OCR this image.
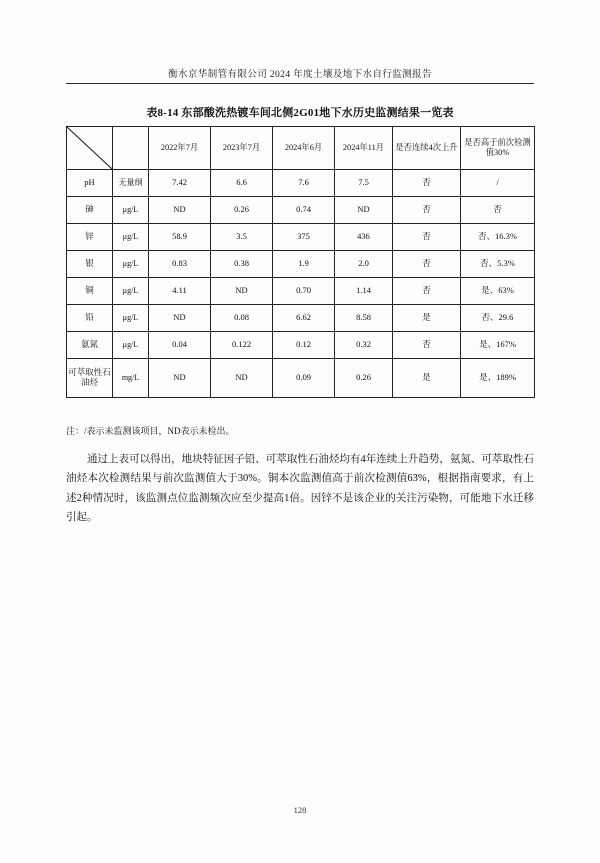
衡水京华制管有限公司 2024 年度土壤及地下水自行监测报告
表8-14 东部酸洗热镀车间北侧2G01地下水历史监测结果一览表
		2022年7月	2023年7月	2024年6月	2024年11月	是否连续4次上升	是否高于前次检测值30%
pH	无量纲	7.42	6.6	7.6	7.5	否	/
砷	μg/L	ND	0.26	0.74	ND	否	否
锌	μg/L	58.9	3.5	375	436	否	否、16.3%
银	μg/L	0.83	0.38	1.9	2.0	否	否、5.3%
铜	μg/L	4.11	ND	0.70	1.14	否	是、63%
铅	μg/L	ND	0.08	6.62	8.58	是	否、29.6
氨氮	μg/L	0.04	0.122	0.12	0.32	否	是、167%
可萃取性石油烃	mg/L	ND	ND	0.09	0.26	是	是、189%
注：/表示未监测该项目，ND表示未检出。
通过上表可以得出，地块特征因子铅、可萃取性石油烃均有4年连续上升趋势，氨氮、可萃取性石油烃本次检测结果与前次监测值大于30%。铜本次监测值高于前次检测值63%，根据指南要求，有上述2种情况时，该监测点位监测频次应至少提高1倍。因锌不是该企业的关注污染物，可能地下水迁移引起。
128
